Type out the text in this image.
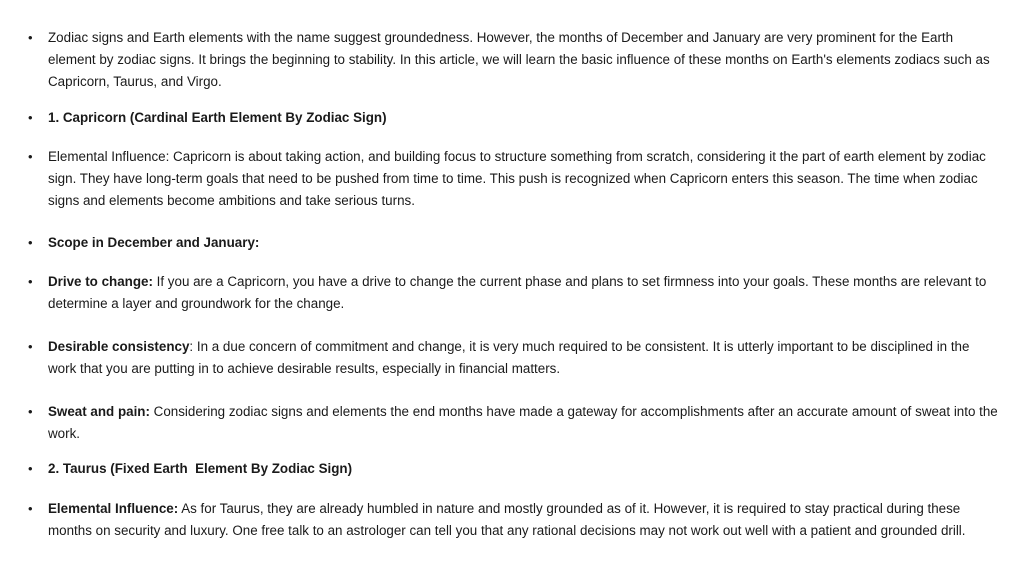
•	Zodiac signs and Earth elements with the name suggest groundedness. However, the months of December and January are very prominent for the Earth element by zodiac signs. It brings the beginning to stability. In this article, we will learn the basic influence of these months on Earth's elements zodiacs such as Capricorn, Taurus, and Virgo.
•	1. Capricorn (Cardinal Earth Element By Zodiac Sign)
•	Elemental Influence: Capricorn is about taking action, and building focus to structure something from scratch, considering it the part of earth element by zodiac sign. They have long-term goals that need to be pushed from time to time. This push is recognized when Capricorn enters this season. The time when zodiac signs and elements become ambitions and take serious turns.
•	Scope in December and January:
•	Drive to change: If you are a Capricorn, you have a drive to change the current phase and plans to set firmness into your goals. These months are relevant to determine a layer and groundwork for the change.
•	Desirable consistency: In a due concern of commitment and change, it is very much required to be consistent. It is utterly important to be disciplined in the work that you are putting in to achieve desirable results, especially in financial matters.
•	Sweat and pain: Considering zodiac signs and elements the end months have made a gateway for accomplishments after an accurate amount of sweat into the work.
•	2. Taurus (Fixed Earth  Element By Zodiac Sign)
•	Elemental Influence: As for Taurus, they are already humbled in nature and mostly grounded as of it. However, it is required to stay practical during these months on security and luxury. One free talk to an astrologer can tell you that any rational decisions may not work out well with a patient and grounded drill.
